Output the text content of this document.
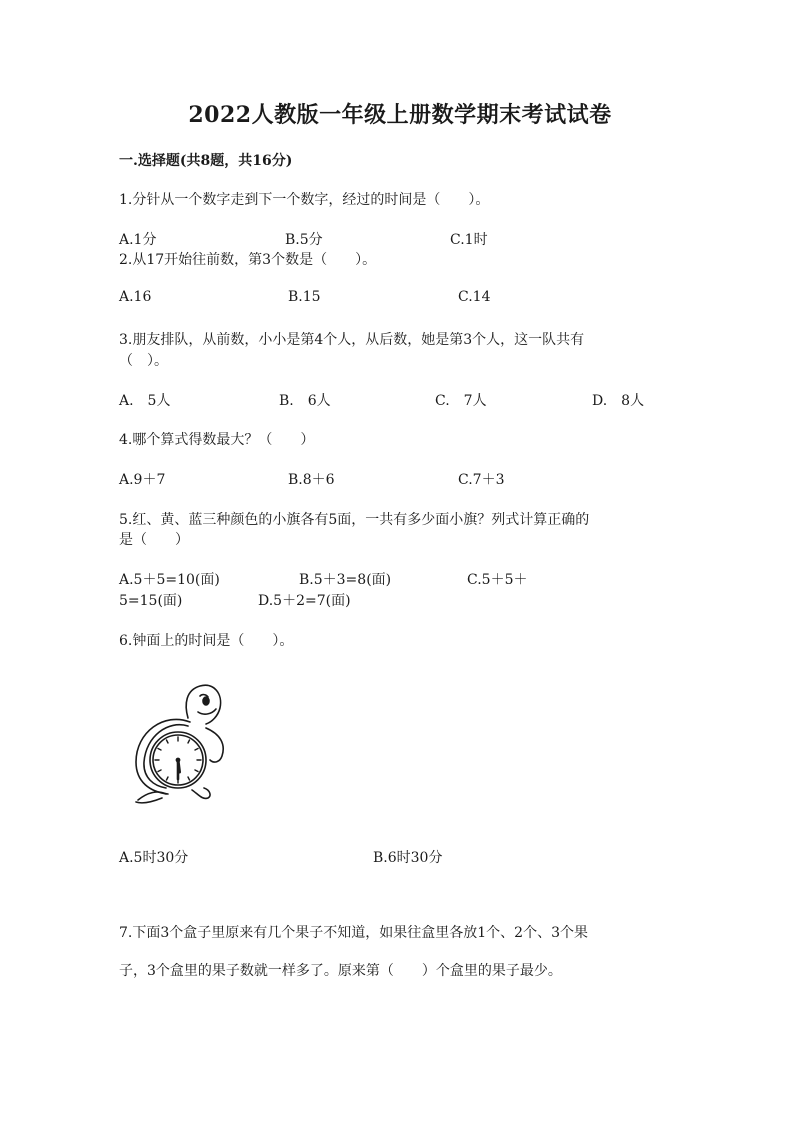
2022人教版一年级上册数学期末考试试卷
一.选择题(共8题，共16分)
1.分针从一个数字走到下一个数字，经过的时间是（　　）。
A.1分	B.5分	C.1时
2.从17开始往前数，第3个数是（　　）。
A.16	B.15	C.14
3.朋友排队，从前数，小小是第4个人，从后数，她是第3个人，这一队共有
（　）。
A.　5人	B.　6人	C.　7人	D.　8人
4.哪个算式得数最大？（　　）
A.9＋7	B.8＋6	C.7＋3
5.红、黄、蓝三种颜色的小旗各有5面，一共有多少面小旗？列式计算正确的
是（　　）
A.5＋5=10(面)	B.5＋3=8(面)	C.5＋5＋
5=15(面)	D.5＋2=7(面)
6.钟面上的时间是（　　）。
A.5时30分	B.6时30分
7.下面3个盒子里原来有几个果子不知道，如果往盒里各放1个、2个、3个果
子，3个盒里的果子数就一样多了。原来第（　　）个盒里的果子最少。
